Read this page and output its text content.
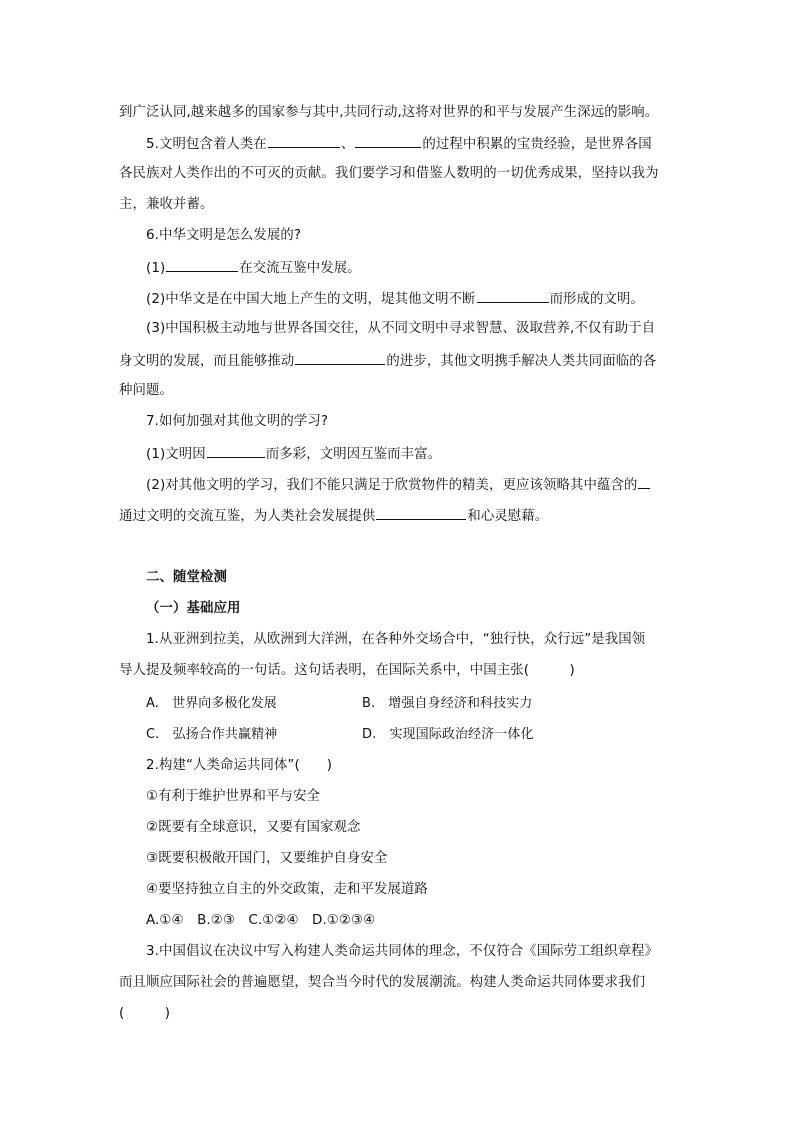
到广泛认同,越来越多的国家参与其中,共同行动,这将对世界的和平与发展产生深远的影响。
5.文明包含着人类在	、	的过程中积累的宝贵经验，是世界各国
各民族对人类作出的不可灭的贡献。我们要学习和借鉴人数明的一切优秀成果，坚持以我为
主，兼收并蓄。
6.中华文明是怎么发展的?
(1)	在交流互鉴中发展。
(2)中华文是在中国大地上产生的文明，堤其他文明不断	而形成的文明。
(3)中国积极主动地与世界各国交往，从不同文明中寻求智慧、汲取营养,不仅有助于自
身文明的发展，而且能够推动	的进步，其他文明携手解决人类共同面临的各
种问题。
7.如何加强对其他文明的学习?
(1)文明因	而多彩，文明因互鉴而丰富。
(2)对其他文明的学习，我们不能只满足于欣赏物件的精美，更应该领略其中蕴含的
通过文明的交流互鉴，为人类社会发展提供	和心灵慰藉。
二、随堂检测
（一）基础应用
1.从亚洲到拉美，从欧洲到大洋洲，在各种外交场合中，“独行快，众行远”是我国领
导人提及频率较高的一句话。这句话表明，在国际关系中，中国主张(　　　)
A.　世界向多极化发展	B.　增强自身经济和科技实力
C.　弘扬合作共赢精神	D.　实现国际政治经济一体化
2.构建“人类命运共同体”(　　)
①有利于维护世界和平与安全
②既要有全球意识，又要有国家观念
③既要积极敞开国门，又要维护自身安全
④要坚持独立自主的外交政策，走和平发展道路
A.①④　B.②③　C.①②④　D.①②③④
3.中国倡议在决议中写入构建人类命运共同体的理念，不仅符合《国际劳工组织章程》
而且顺应国际社会的普遍愿望，契合当今时代的发展潮流。构建人类命运共同体要求我们
(　　　)
